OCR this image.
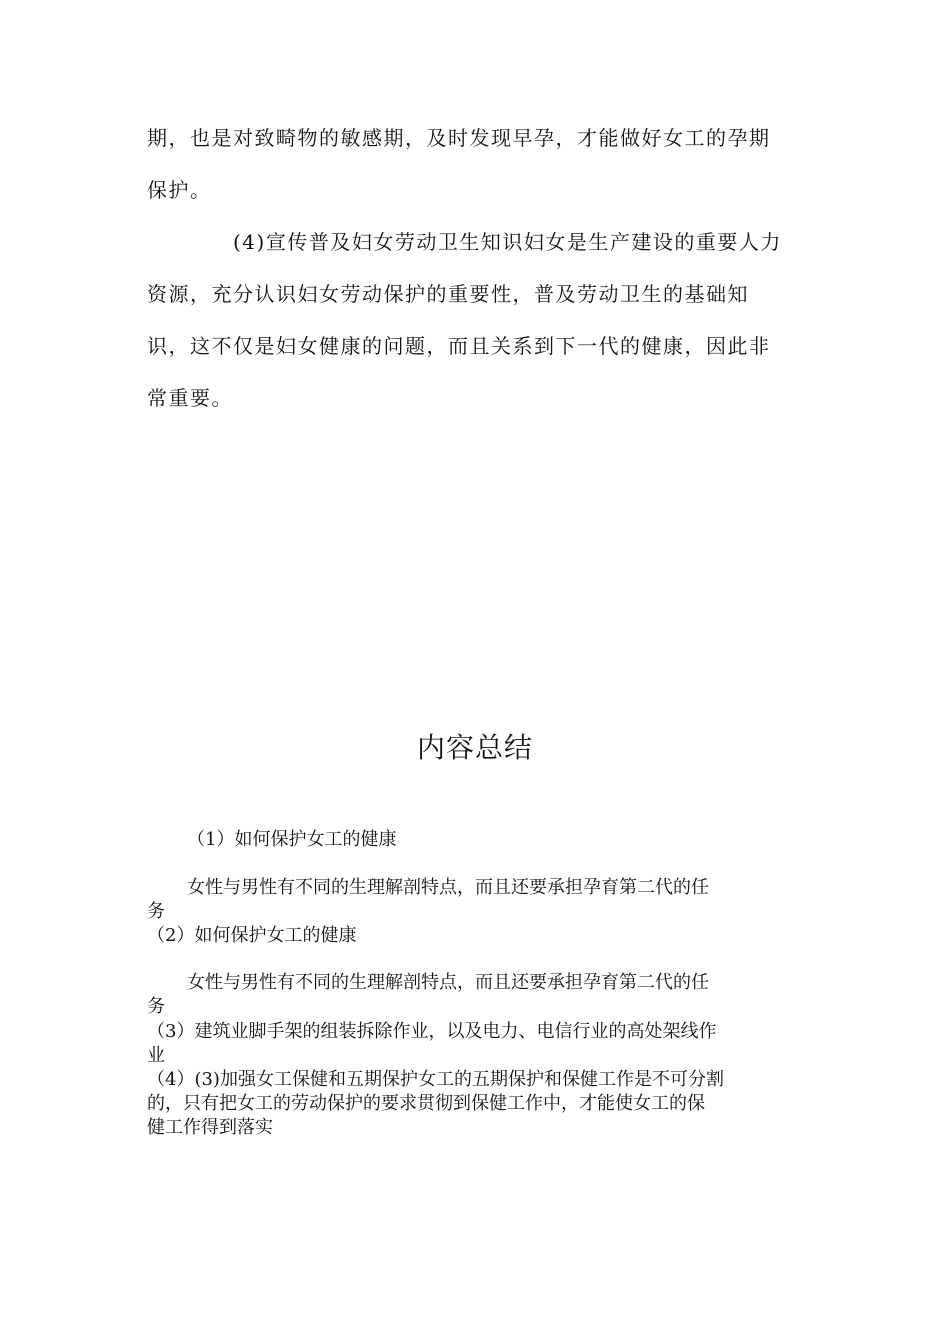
期，也是对致畸物的敏感期，及时发现早孕，才能做好女工的孕期
保护。
(4)宣传普及妇女劳动卫生知识妇女是生产建设的重要人力
资源，充分认识妇女劳动保护的重要性，普及劳动卫生的基础知
识，这不仅是妇女健康的问题，而且关系到下一代的健康，因此非
常重要。
内容总结
（1）如何保护女工的健康
女性与男性有不同的生理解剖特点，而且还要承担孕育第二代的任
务
（2）如何保护女工的健康
女性与男性有不同的生理解剖特点，而且还要承担孕育第二代的任
务
（3）建筑业脚手架的组装拆除作业，以及电力、电信行业的高处架线作
业
（4）(3)加强女工保健和五期保护女工的五期保护和保健工作是不可分割
的，只有把女工的劳动保护的要求贯彻到保健工作中，才能使女工的保
健工作得到落实
